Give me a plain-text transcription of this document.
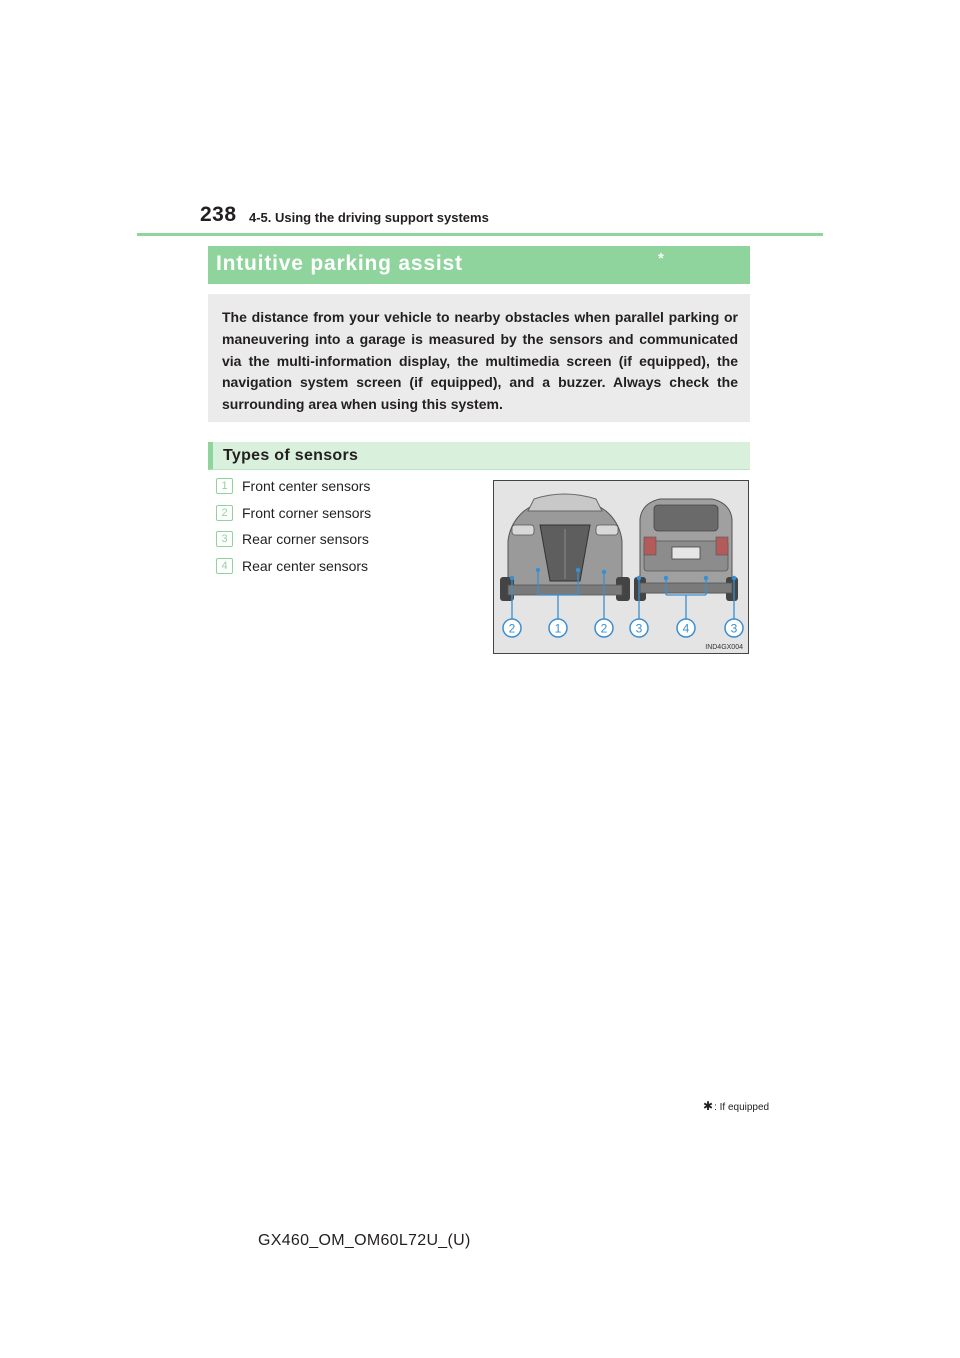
238 4-5. Using the driving support systems
Intuitive parking assist	*

The distance from your vehicle to nearby obstacles when parallel parking or maneuvering into a garage is measured by the sensors and communicated via the multi-information display, the multimedia screen (if equipped), the navigation system screen (if equipped), and a buzzer. Always check the surrounding area when using this system.

Types of sensors
1	Front center sensors
2	Front corner sensors
3	Rear corner sensors
4	Rear center sensors
2	1	2 3	4	3
IND4GX004
✱: If equipped
GX460_OM_OM60L72U_(U)
